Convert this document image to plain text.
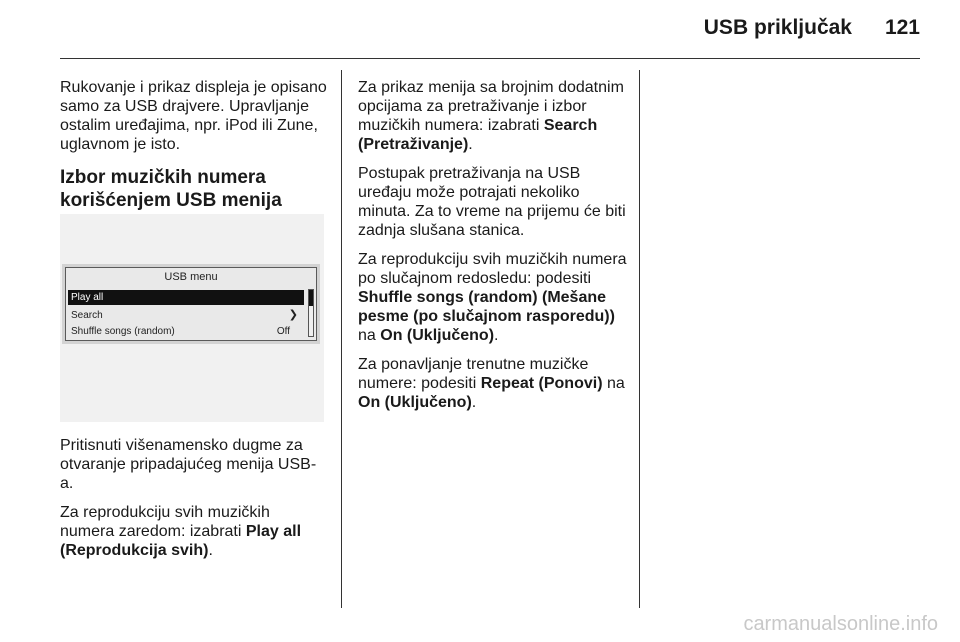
USB priključak 121

Rukovanje i prikaz displeja je opisano samo za USB drajvere. Upravljanje ostalim uređajima, npr. iPod ili Zune, uglavnom je isto.

Izbor muzičkih numera korišćenjem USB menija
USB menu
Play all
Search	❯
Shuffle songs (random)	Off

Pritisnuti višenamensko dugme za otvaranje pripadajućeg menija USB-a.

Za reprodukciju svih muzičkih numera zaredom: izabrati Play all (Reprodukcija svih).

Za prikaz menija sa brojnim dodatnim opcijama za pretraživanje i izbor muzičkih numera: izabrati Search (Pretraživanje).

Postupak pretraživanja na USB uređaju može potrajati nekoliko minuta. Za to vreme na prijemu će biti zadnja slušana stanica.

Za reprodukciju svih muzičkih numera po slučajnom redosledu: podesiti Shuffle songs (random) (Mešane pesme (po slučajnom rasporedu)) na On (Uključeno).

Za ponavljanje trenutne muzičke numere: podesiti Repeat (Ponovi) na On (Uključeno).

carmanualsonline.info
